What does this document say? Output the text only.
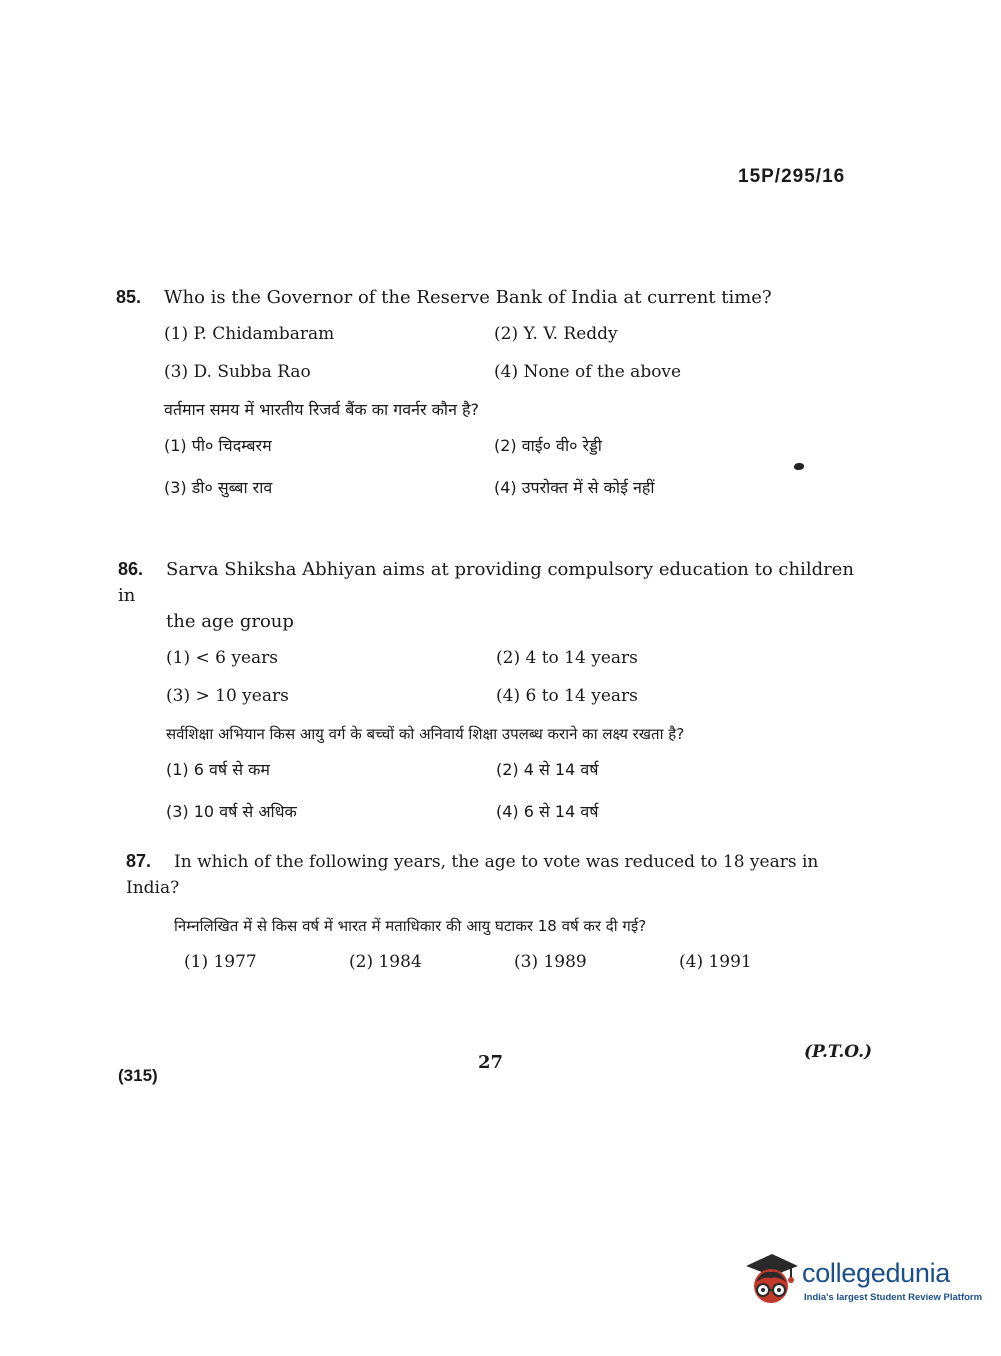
15P/295/16
85. Who is the Governor of the Reserve Bank of India at current time?
(1) P. Chidambaram	(2) Y. V. Reddy
(3) D. Subba Rao	(4) None of the above
वर्तमान समय में भारतीय रिजर्व बैंक का गवर्नर कौन है?
(1) पी० चिदम्बरम	(2) वाई० वी० रेड्डी
(3) डी० सुब्बा राव	(4) उपरोक्त में से कोई नहीं
86. Sarva Shiksha Abhiyan aims at providing compulsory education to children in
the age group
(1) < 6 years	(2) 4 to 14 years
(3) > 10 years	(4) 6 to 14 years
सर्वशिक्षा अभियान किस आयु वर्ग के बच्चों को अनिवार्य शिक्षा उपलब्ध कराने का लक्ष्य रखता है?
(1) 6 वर्ष से कम	(2) 4 से 14 वर्ष
(3) 10 वर्ष से अधिक	(4) 6 से 14 वर्ष
87. In which of the following years, the age to vote was reduced to 18 years in India?
निम्नलिखित में से किस वर्ष में भारत में मताधिकार की आयु घटाकर 18 वर्ष कर दी गई?
(1) 1977	(2) 1984	(3) 1989	(4) 1991
27	(P.T.O.)
(315)
collegedunia
India's largest Student Review Platform
